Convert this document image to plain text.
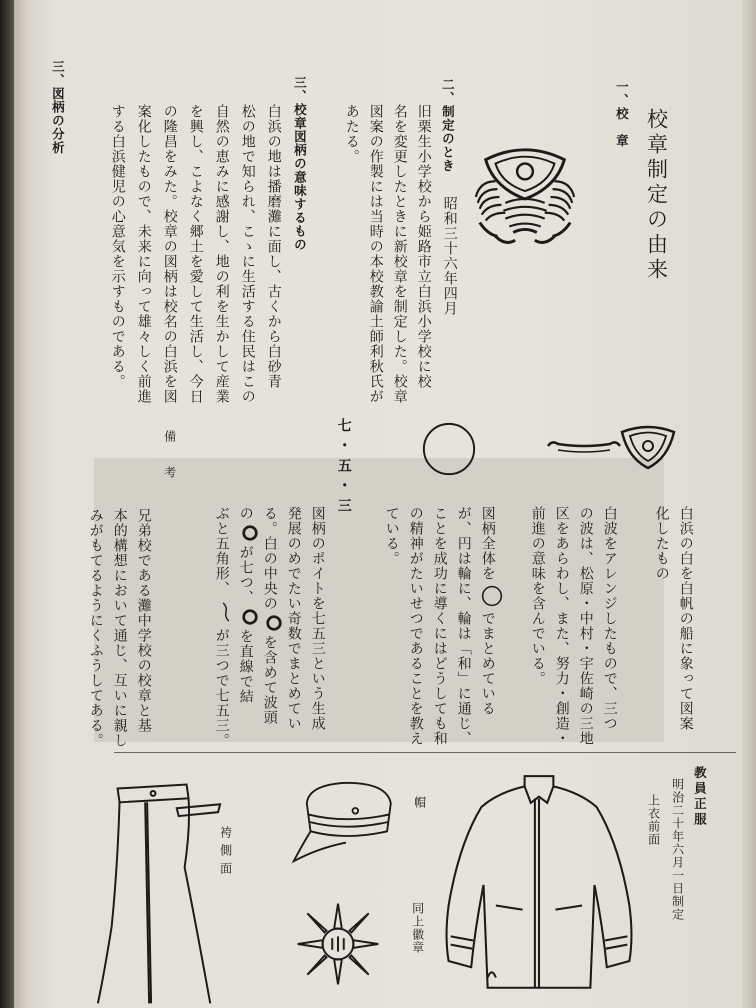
校章制定の由来
一、校　章
二、制定のとき
昭和三十六年四月
旧栗生小学校から姫路市立白浜小学校に校
名を変更したときに新校章を制定した。校章
図案の作製には当時の本校教諭土師利秋氏が
あたる。
三、校章図柄の意味するもの
白浜の地は播磨灘に面し、古くから白砂青
松の地で知られ、こゝに生活する住民はこの
自然の恵みに感謝し、地の利を生かして産業
を興し、こよなく郷土を愛して生活し、今日
の隆昌をみた。校章の図柄は校名の白浜を図
案化したもので、未来に向って雄々しく前進
する白浜健児の心意気を示すものである。
三、図柄の分析
白浜の白を白帆の船に象って図案
化したもの
白波をアレンジしたもので、三つ
の波は、松原・中村・宇佐崎の三地
区をあらわし、また、努力・創造・
前進の意味を含んでいる。
図柄全体をでまとめている
が、円は輪に、輪は「和」に通じ、
ことを成功に導くにはどうしても和
の精神がたいせつであることを教え
ている。
七・五・三
図柄のポイトを七五三という生成
発展のめでたい奇数でまとめてい
る。白の中央のを含めて波頭
のが七つ、を直線で結
ぶと五角形、が三つで七五三。
備　考
兄弟校である灘中学校の校章と基
本的構想において通じ、互いに親し
みがもてるようにくふうしてある。
教員正服
明治二十年六月一日制定
上衣前面
帽
同上徽章
袴側面
